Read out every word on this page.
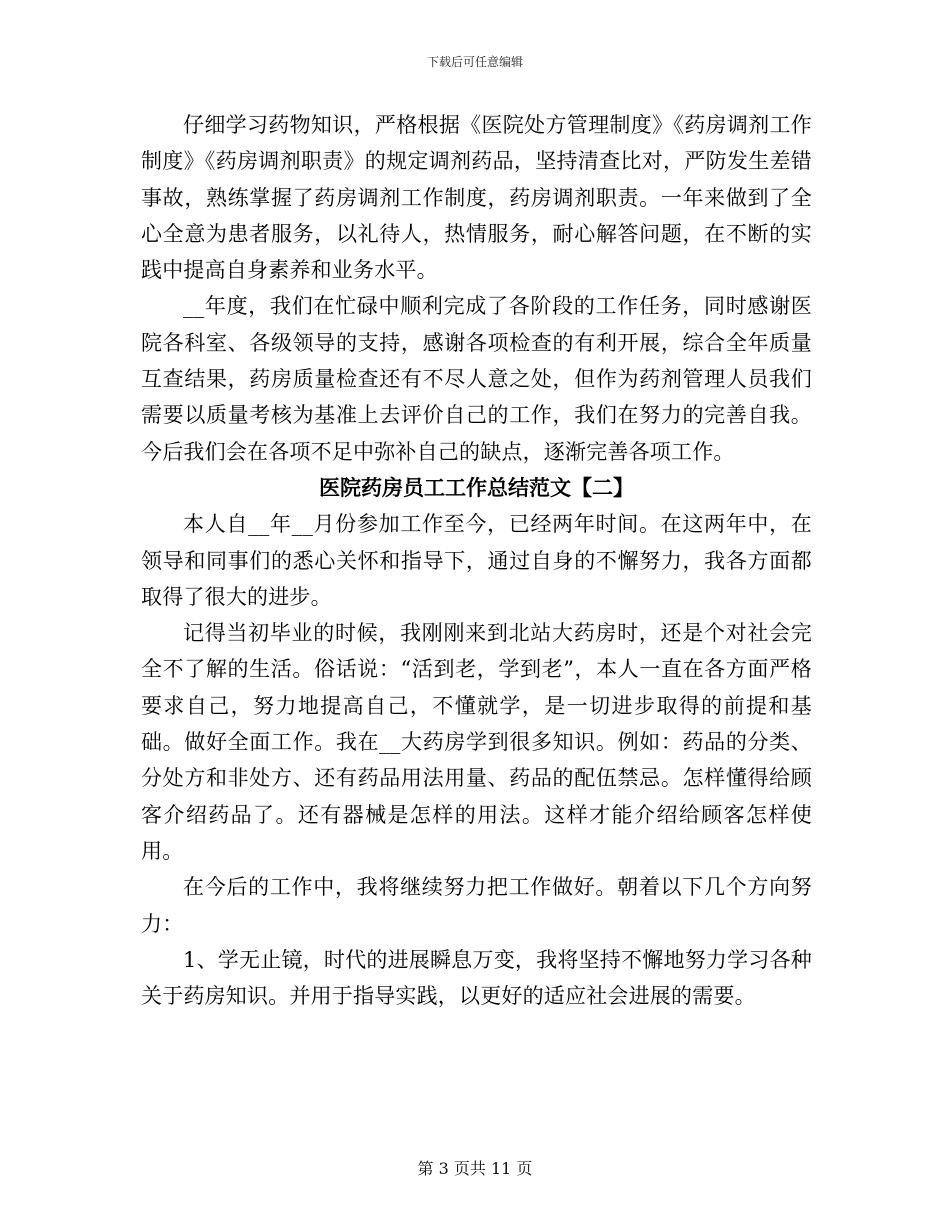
下载后可任意编辑

仔细学习药物知识，严格根据《医院处方管理制度》《药房调剂工作制度》《药房调剂职责》的规定调剂药品，坚持清查比对，严防发生差错事故，熟练掌握了药房调剂工作制度，药房调剂职责。一年来做到了全心全意为患者服务，以礼待人，热情服务，耐心解答问题，在不断的实践中提高自身素养和业务水平。

__年度，我们在忙碌中顺利完成了各阶段的工作任务，同时感谢医院各科室、各级领导的支持，感谢各项检查的有利开展，综合全年质量互查结果，药房质量检查还有不尽人意之处，但作为药剂管理人员我们需要以质量考核为基准上去评价自己的工作，我们在努力的完善自我。今后我们会在各项不足中弥补自己的缺点，逐渐完善各项工作。

医院药房员工工作总结范文【二】

本人自__年__月份参加工作至今，已经两年时间。在这两年中，在领导和同事们的悉心关怀和指导下，通过自身的不懈努力，我各方面都取得了很大的进步。

记得当初毕业的时候，我刚刚来到北站大药房时，还是个对社会完全不了解的生活。俗话说：“活到老，学到老”，本人一直在各方面严格要求自己，努力地提高自己，不懂就学，是一切进步取得的前提和基础。做好全面工作。我在__大药房学到很多知识。例如：药品的分类、分处方和非处方、还有药品用法用量、药品的配伍禁忌。怎样懂得给顾客介绍药品了。还有器械是怎样的用法。这样才能介绍给顾客怎样使用。

在今后的工作中，我将继续努力把工作做好。朝着以下几个方向努力：

1、学无止镜，时代的进展瞬息万变，我将坚持不懈地努力学习各种关于药房知识。并用于指导实践，以更好的适应社会进展的需要。

第 3 页共 11 页
